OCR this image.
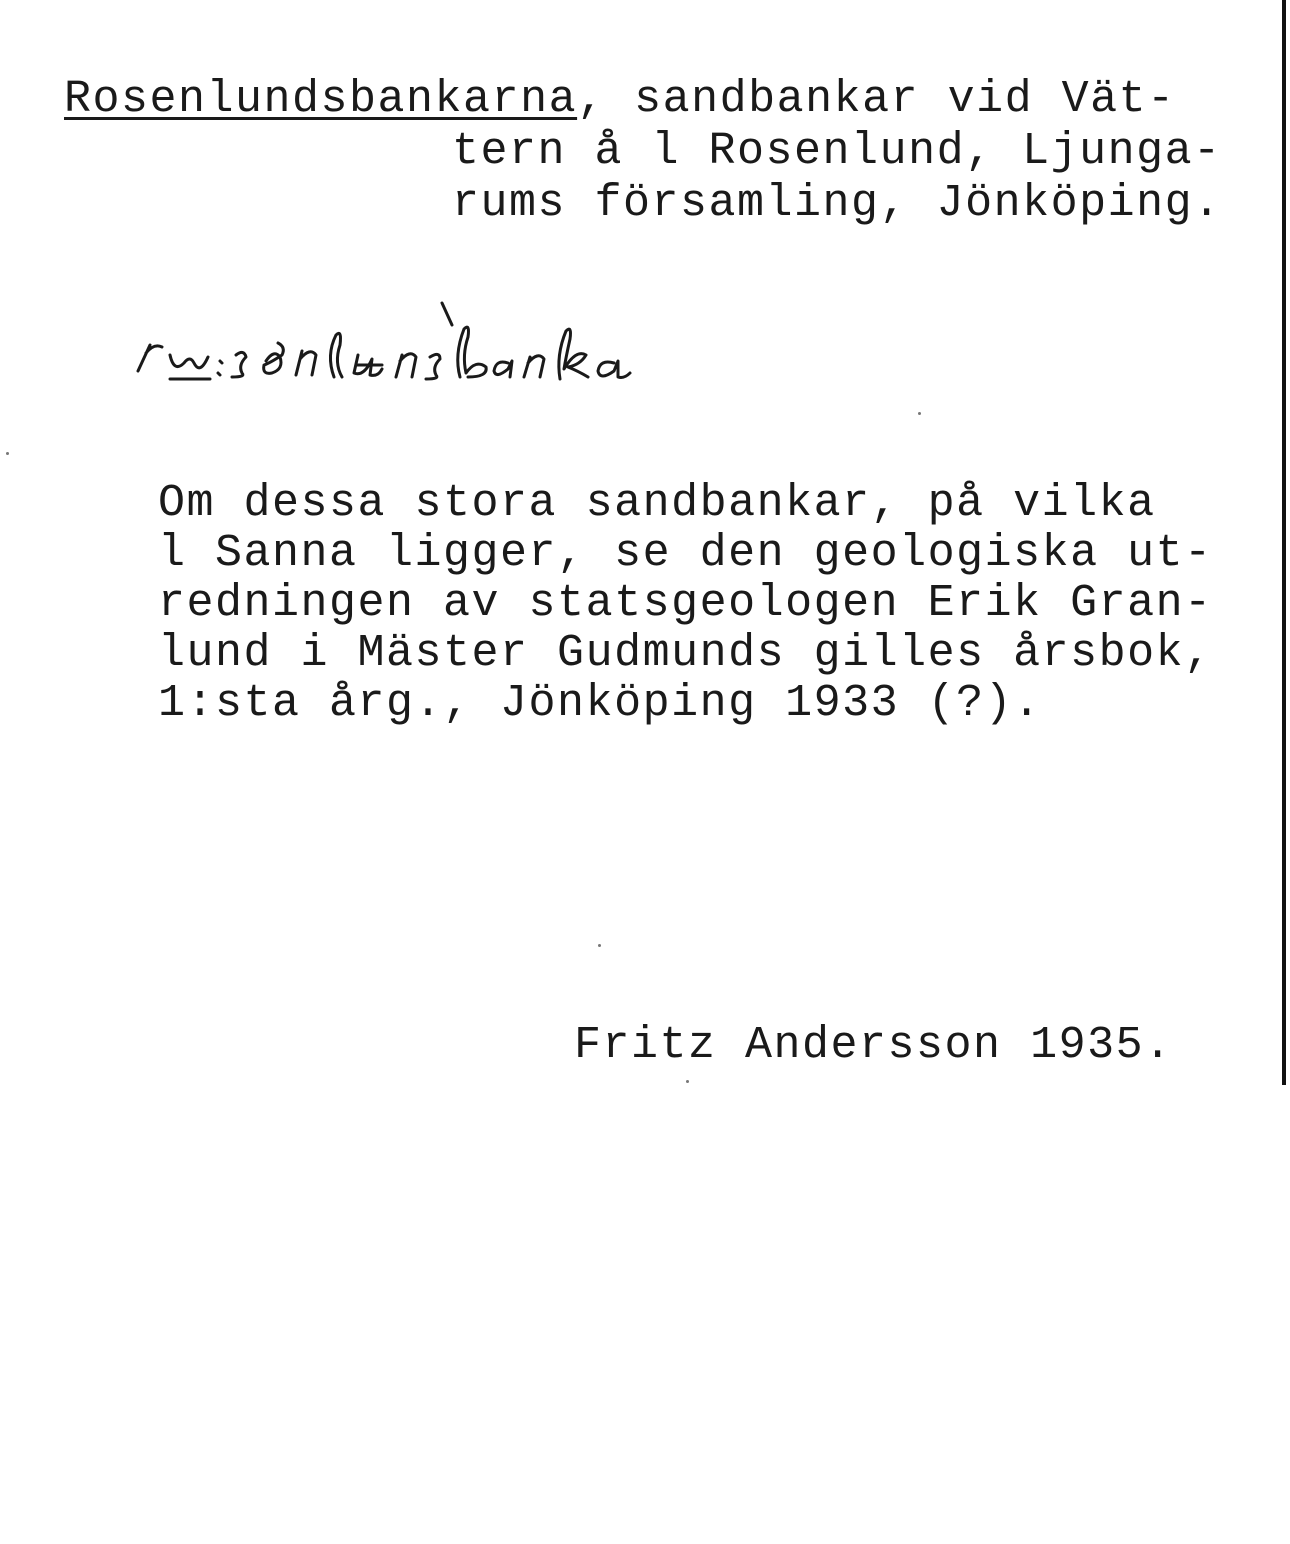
Rosenlundsbankarna, sandbankar vid Vät-
tern å l Rosenlund, Ljunga-
rums församling, Jönköping.
Om dessa stora sandbankar, på vilka
l Sanna ligger, se den geologiska ut-
redningen av statsgeologen Erik Gran-
lund i Mäster Gudmunds gilles årsbok,
1:sta årg., Jönköping 1933 (?).
Fritz Andersson 1935.
